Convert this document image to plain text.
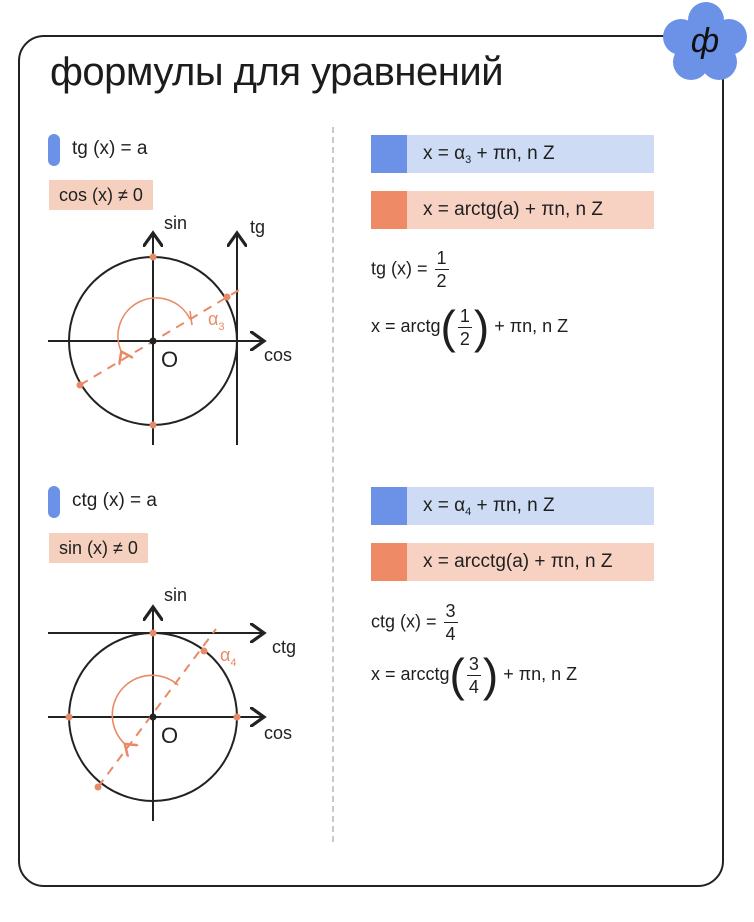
формулы для уравнений
ф
tg (x) = a
cos (x) ≠ 0
sin	tg
cos
O
$\alpha_3$
$x = \alpha_3 + \pi n$, n Z
x = arctg(a) + πn, n Z
tg $(x) = \frac{1}{2}$
x = arctg( $\frac{1}{2}$ ) + πn, n Z
ctg (x) = a
sin (x) ≠ 0
sin
ctg
cos
O
$\alpha_4$
$x = \alpha_4 + \pi n$, n Z
x = arcctg(a) + πn, n Z
ctg $(x) = \frac{3}{4}$
x = arcctg( $\frac{3}{4}$ ) + πn, n Z
